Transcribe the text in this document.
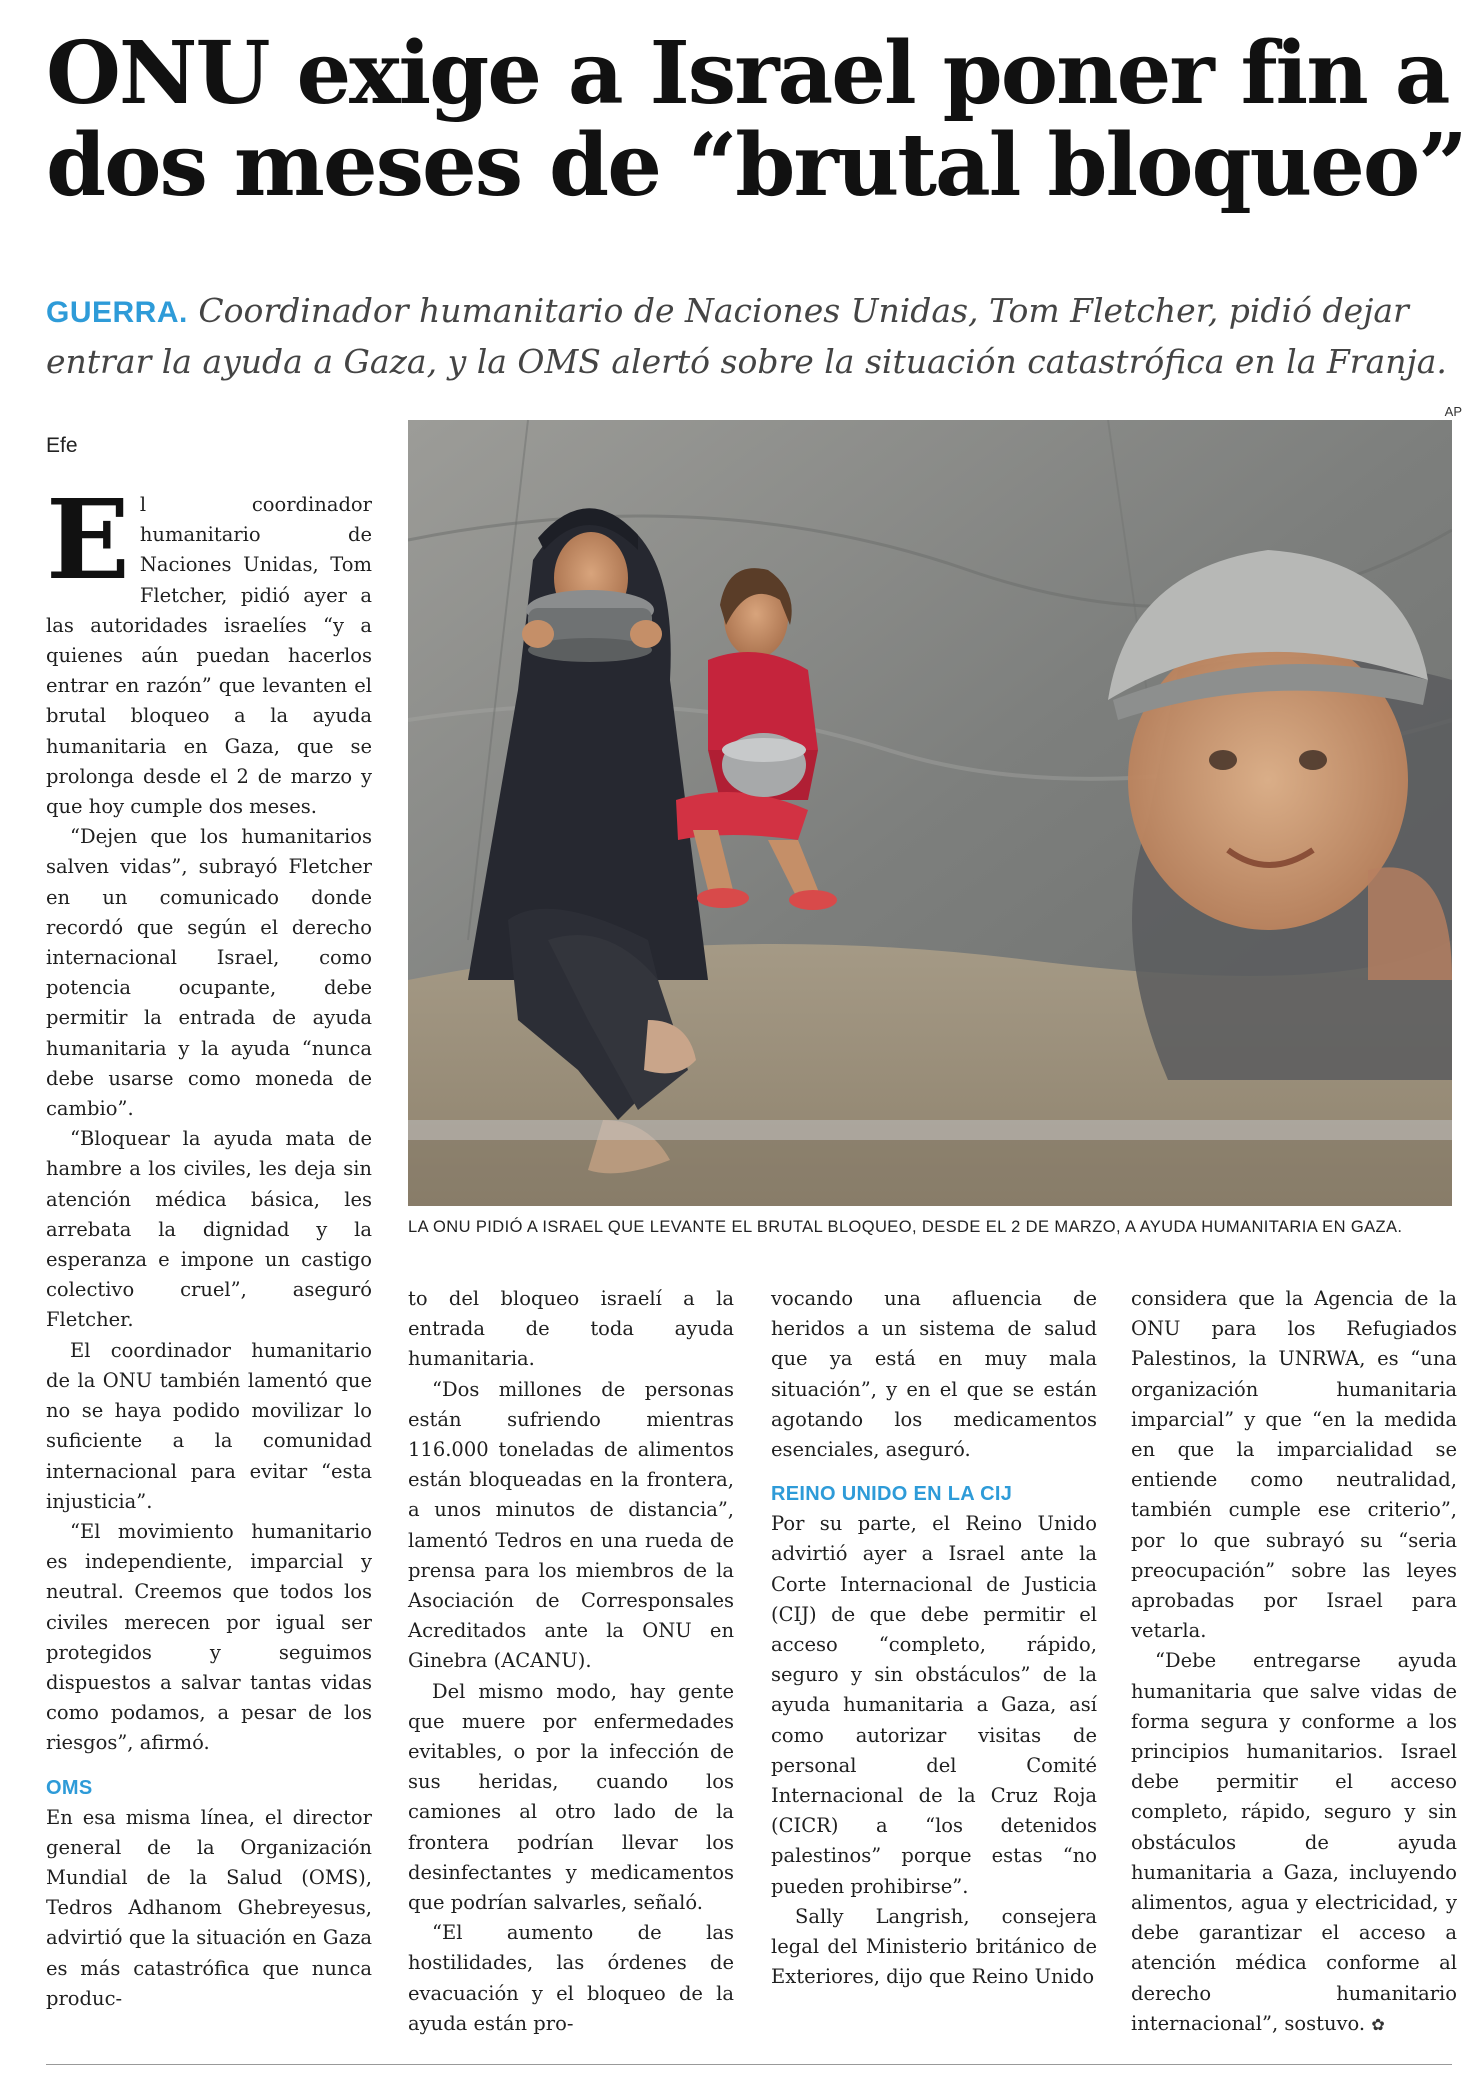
ONU exige a Israel poner fin a
dos meses de “brutal bloqueo”
GUERRA. Coordinador humanitario de Naciones Unidas, Tom Fletcher, pidió dejar entrar la ayuda a Gaza, y la OMS alertó sobre la situación catastrófica en la Franja.
Efe
AP
LA ONU PIDIÓ A ISRAEL QUE LEVANTE EL BRUTAL BLOQUEO, DESDE EL 2 DE MARZO, A AYUDA HUMANITARIA EN GAZA.

El coordinador humanitario de Naciones Unidas, Tom Fletcher, pidió ayer a las autoridades israelíes “y a quienes aún puedan hacerlos entrar en razón” que levanten el brutal bloqueo a la ayuda humanitaria en Gaza, que se prolonga desde el 2 de marzo y que hoy cumple dos meses.

“Dejen que los humanitarios salven vidas”, subrayó Fletcher en un comunicado donde recordó que según el derecho internacional Israel, como potencia ocupante, debe permitir la entrada de ayuda humanitaria y la ayuda “nunca debe usarse como moneda de cambio”.

“Bloquear la ayuda mata de hambre a los civiles, les deja sin atención médica básica, les arrebata la dignidad y la esperanza e impone un castigo colectivo cruel”, aseguró Fletcher.

El coordinador humanitario de la ONU también lamentó que no se haya podido movilizar lo suficiente a la comunidad internacional para evitar “esta injusticia”.

“El movimiento humanitario es independiente, imparcial y neutral. Creemos que todos los civiles merecen por igual ser protegidos y seguimos dispuestos a salvar tantas vidas como podamos, a pesar de los riesgos”, afirmó.

OMS

En esa misma línea, el director general de la Organización Mundial de la Salud (OMS), Tedros Adhanom Ghebreyesus, advirtió que la situación en Gaza es más catastrófica que nunca produc-

to del bloqueo israelí a la entrada de toda ayuda humanitaria.

“Dos millones de personas están sufriendo mientras 116.000 toneladas de alimentos están bloqueadas en la frontera, a unos minutos de distancia”, lamentó Tedros en una rueda de prensa para los miembros de la Asociación de Corresponsales Acreditados ante la ONU en Ginebra (ACANU).

Del mismo modo, hay gente que muere por enfermedades evitables, o por la infección de sus heridas, cuando los camiones al otro lado de la frontera podrían llevar los desinfectantes y medicamentos que podrían salvarles, señaló.

“El aumento de las hostilidades, las órdenes de evacuación y el bloqueo de la ayuda están pro-

vocando una afluencia de heridos a un sistema de salud que ya está en muy mala situación”, y en el que se están agotando los medicamentos esenciales, aseguró.

REINO UNIDO EN LA CIJ

Por su parte, el Reino Unido advirtió ayer a Israel ante la Corte Internacional de Justicia (CIJ) de que debe permitir el acceso “completo, rápido, seguro y sin obstáculos” de la ayuda humanitaria a Gaza, así como autorizar visitas de personal del Comité Internacional de la Cruz Roja (CICR) a “los detenidos palestinos” porque estas “no pueden prohibirse”.

Sally Langrish, consejera legal del Ministerio británico de Exteriores, dijo que Reino Unido

considera que la Agencia de la ONU para los Refugiados Palestinos, la UNRWA, es “una organización humanitaria imparcial” y que “en la medida en que la imparcialidad se entiende como neutralidad, también cumple ese criterio”, por lo que subrayó su “seria preocupación” sobre las leyes aprobadas por Israel para vetarla.

“Debe entregarse ayuda humanitaria que salve vidas de forma segura y conforme a los principios humanitarios. Israel debe permitir el acceso completo, rápido, seguro y sin obstáculos de ayuda humanitaria a Gaza, incluyendo alimentos, agua y electricidad, y debe garantizar el acceso a atención médica conforme al derecho humanitario internacional”, sostuvo. ✿
